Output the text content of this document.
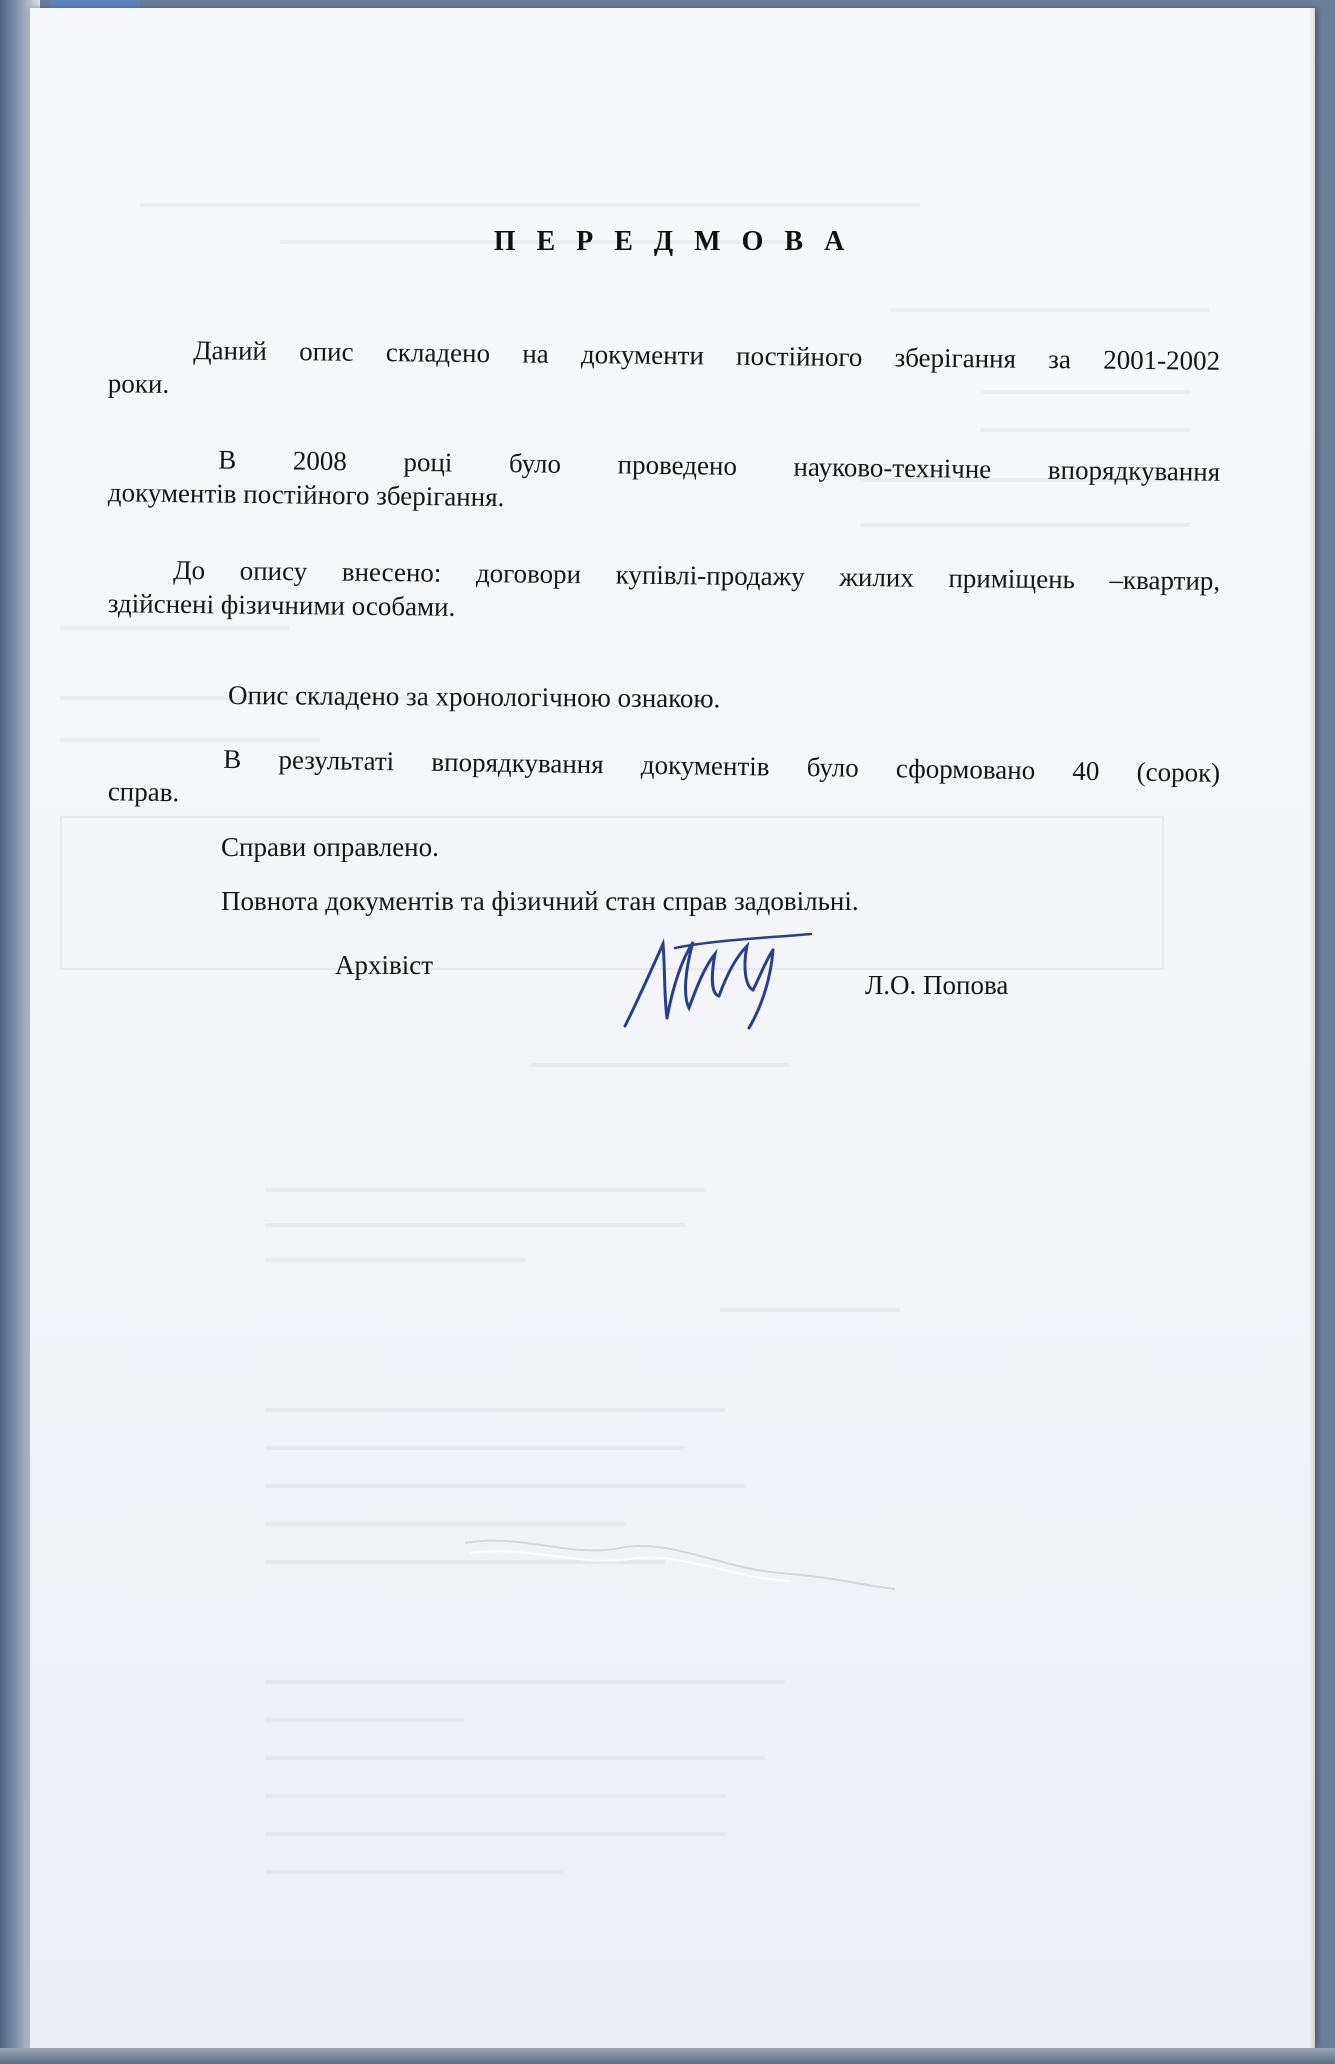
П Е Р Е Д М О В А
Даний опис складено на документи постійного зберігання за 2001-2002
роки.
В 2008 році було проведено науково-технічне впорядкування
документів постійного зберігання.
До опису внесено: договори купівлі-продажу жилих приміщень –квартир,
здійснені фізичними особами.
Опис складено за хронологічною ознакою.
В результаті впорядкування документів було сформовано 40 (сорок)
справ.
Справи оправлено.
Повнота документів та фізичний стан справ задовільні.
Архівіст
Л.О. Попова
